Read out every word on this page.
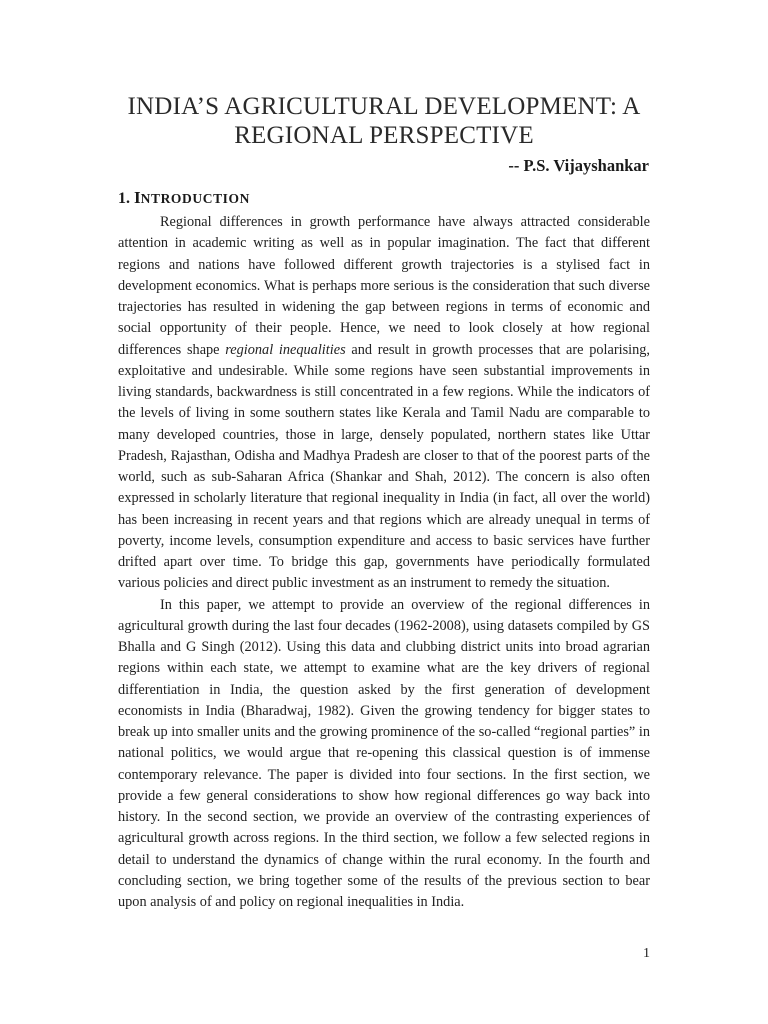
INDIA’S AGRICULTURAL DEVELOPMENT: A
REGIONAL PERSPECTIVE
-- P.S. Vijayshankar
1. INTRODUCTION

Regional differences in growth performance have always attracted considerable attention in academic writing as well as in popular imagination. The fact that different regions and nations have followed different growth trajectories is a stylised fact in development economics. What is perhaps more serious is the consideration that such diverse trajectories has resulted in widening the gap between regions in terms of economic and social opportunity of their people. Hence, we need to look closely at how regional differences shape regional inequalities and result in growth processes that are polarising, exploitative and undesirable. While some regions have seen substantial improvements in living standards, backwardness is still concentrated in a few regions. While the indicators of the levels of living in some southern states like Kerala and Tamil Nadu are comparable to many developed countries, those in large, densely populated, northern states like Uttar Pradesh, Rajasthan, Odisha and Madhya Pradesh are closer to that of the poorest parts of the world, such as sub-Saharan Africa (Shankar and Shah, 2012). The concern is also often expressed in scholarly literature that regional inequality in India (in fact, all over the world) has been increasing in recent years and that regions which are already unequal in terms of poverty, income levels, consumption expenditure and access to basic services have further drifted apart over time. To bridge this gap, governments have periodically formulated various policies and direct public investment as an instrument to remedy the situation.

In this paper, we attempt to provide an overview of the regional differences in agricultural growth during the last four decades (1962-2008), using datasets compiled by GS Bhalla and G Singh (2012). Using this data and clubbing district units into broad agrarian regions within each state, we attempt to examine what are the key drivers of regional differentiation in India, the question asked by the first generation of development economists in India (Bharadwaj, 1982). Given the growing tendency for bigger states to break up into smaller units and the growing prominence of the so-called “regional parties” in national politics, we would argue that re-opening this classical question is of immense contemporary relevance. The paper is divided into four sections. In the first section, we provide a few general considerations to show how regional differences go way back into history. In the second section, we provide an overview of the contrasting experiences of agricultural growth across regions. In the third section, we follow a few selected regions in detail to understand the dynamics of change within the rural economy. In the fourth and concluding section, we bring together some of the results of the previous section to bear upon analysis of and policy on regional inequalities in India.

1
